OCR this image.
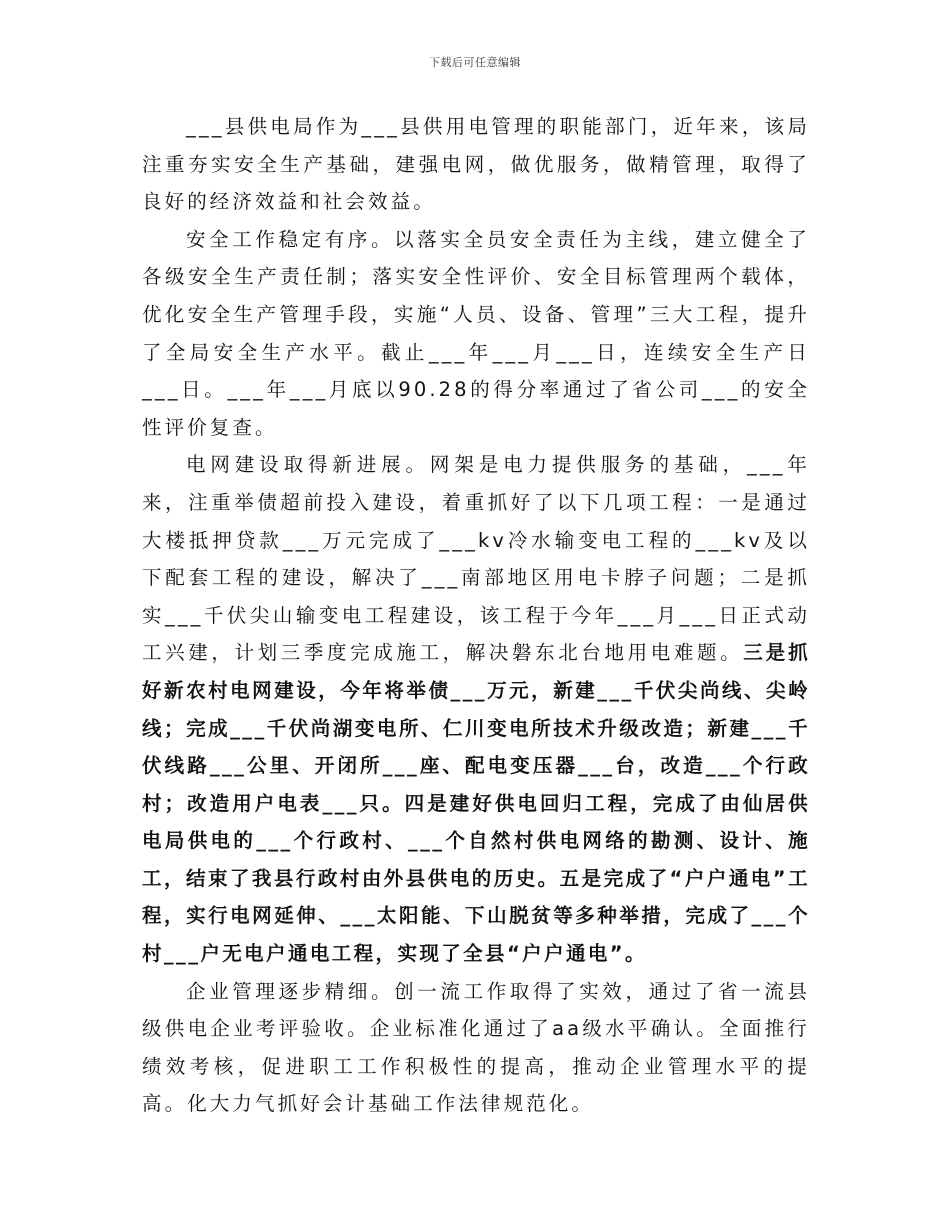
下载后可任意编辑

___县供电局作为___县供用电管理的职能部门，近年来，该局注重夯实安全生产基础，建强电网，做优服务，做精管理，取得了良好的经济效益和社会效益。

安全工作稳定有序。以落实全员安全责任为主线，建立健全了各级安全生产责任制；落实安全性评价、安全目标管理两个载体，优化安全生产管理手段，实施“人员、设备、管理”三大工程，提升了全局安全生产水平。截止___年___月___日，连续安全生产日___日。___年___月底以90.28的得分率通过了省公司___的安全性评价复查。

电网建设取得新进展。网架是电力提供服务的基础，___年来，注重举债超前投入建设，着重抓好了以下几项工程：一是通过大楼抵押贷款___万元完成了___kv冷水输变电工程的___kv及以下配套工程的建设，解决了___南部地区用电卡脖子问题；二是抓实___千伏尖山输变电工程建设，该工程于今年___月___日正式动工兴建，计划三季度完成施工，解决磐东北台地用电难题。三是抓好新农村电网建设，今年将举债___万元，新建___千伏尖尚线、尖岭线；完成___千伏尚湖变电所、仁川变电所技术升级改造；新建___千伏线路___公里、开闭所___座、配电变压器___台，改造___个行政村；改造用户电表___只。四是建好供电回归工程，完成了由仙居供电局供电的___个行政村、___个自然村供电网络的勘测、设计、施工，结束了我县行政村由外县供电的历史。五是完成了“户户通电”工程，实行电网延伸、___太阳能、下山脱贫等多种举措，完成了___个村___户无电户通电工程，实现了全县“户户通电”。

企业管理逐步精细。创一流工作取得了实效，通过了省一流县级供电企业考评验收。企业标准化通过了aa级水平确认。全面推行绩效考核，促进职工工作积极性的提高，推动企业管理水平的提高。化大力气抓好会计基础工作法律规范化。
